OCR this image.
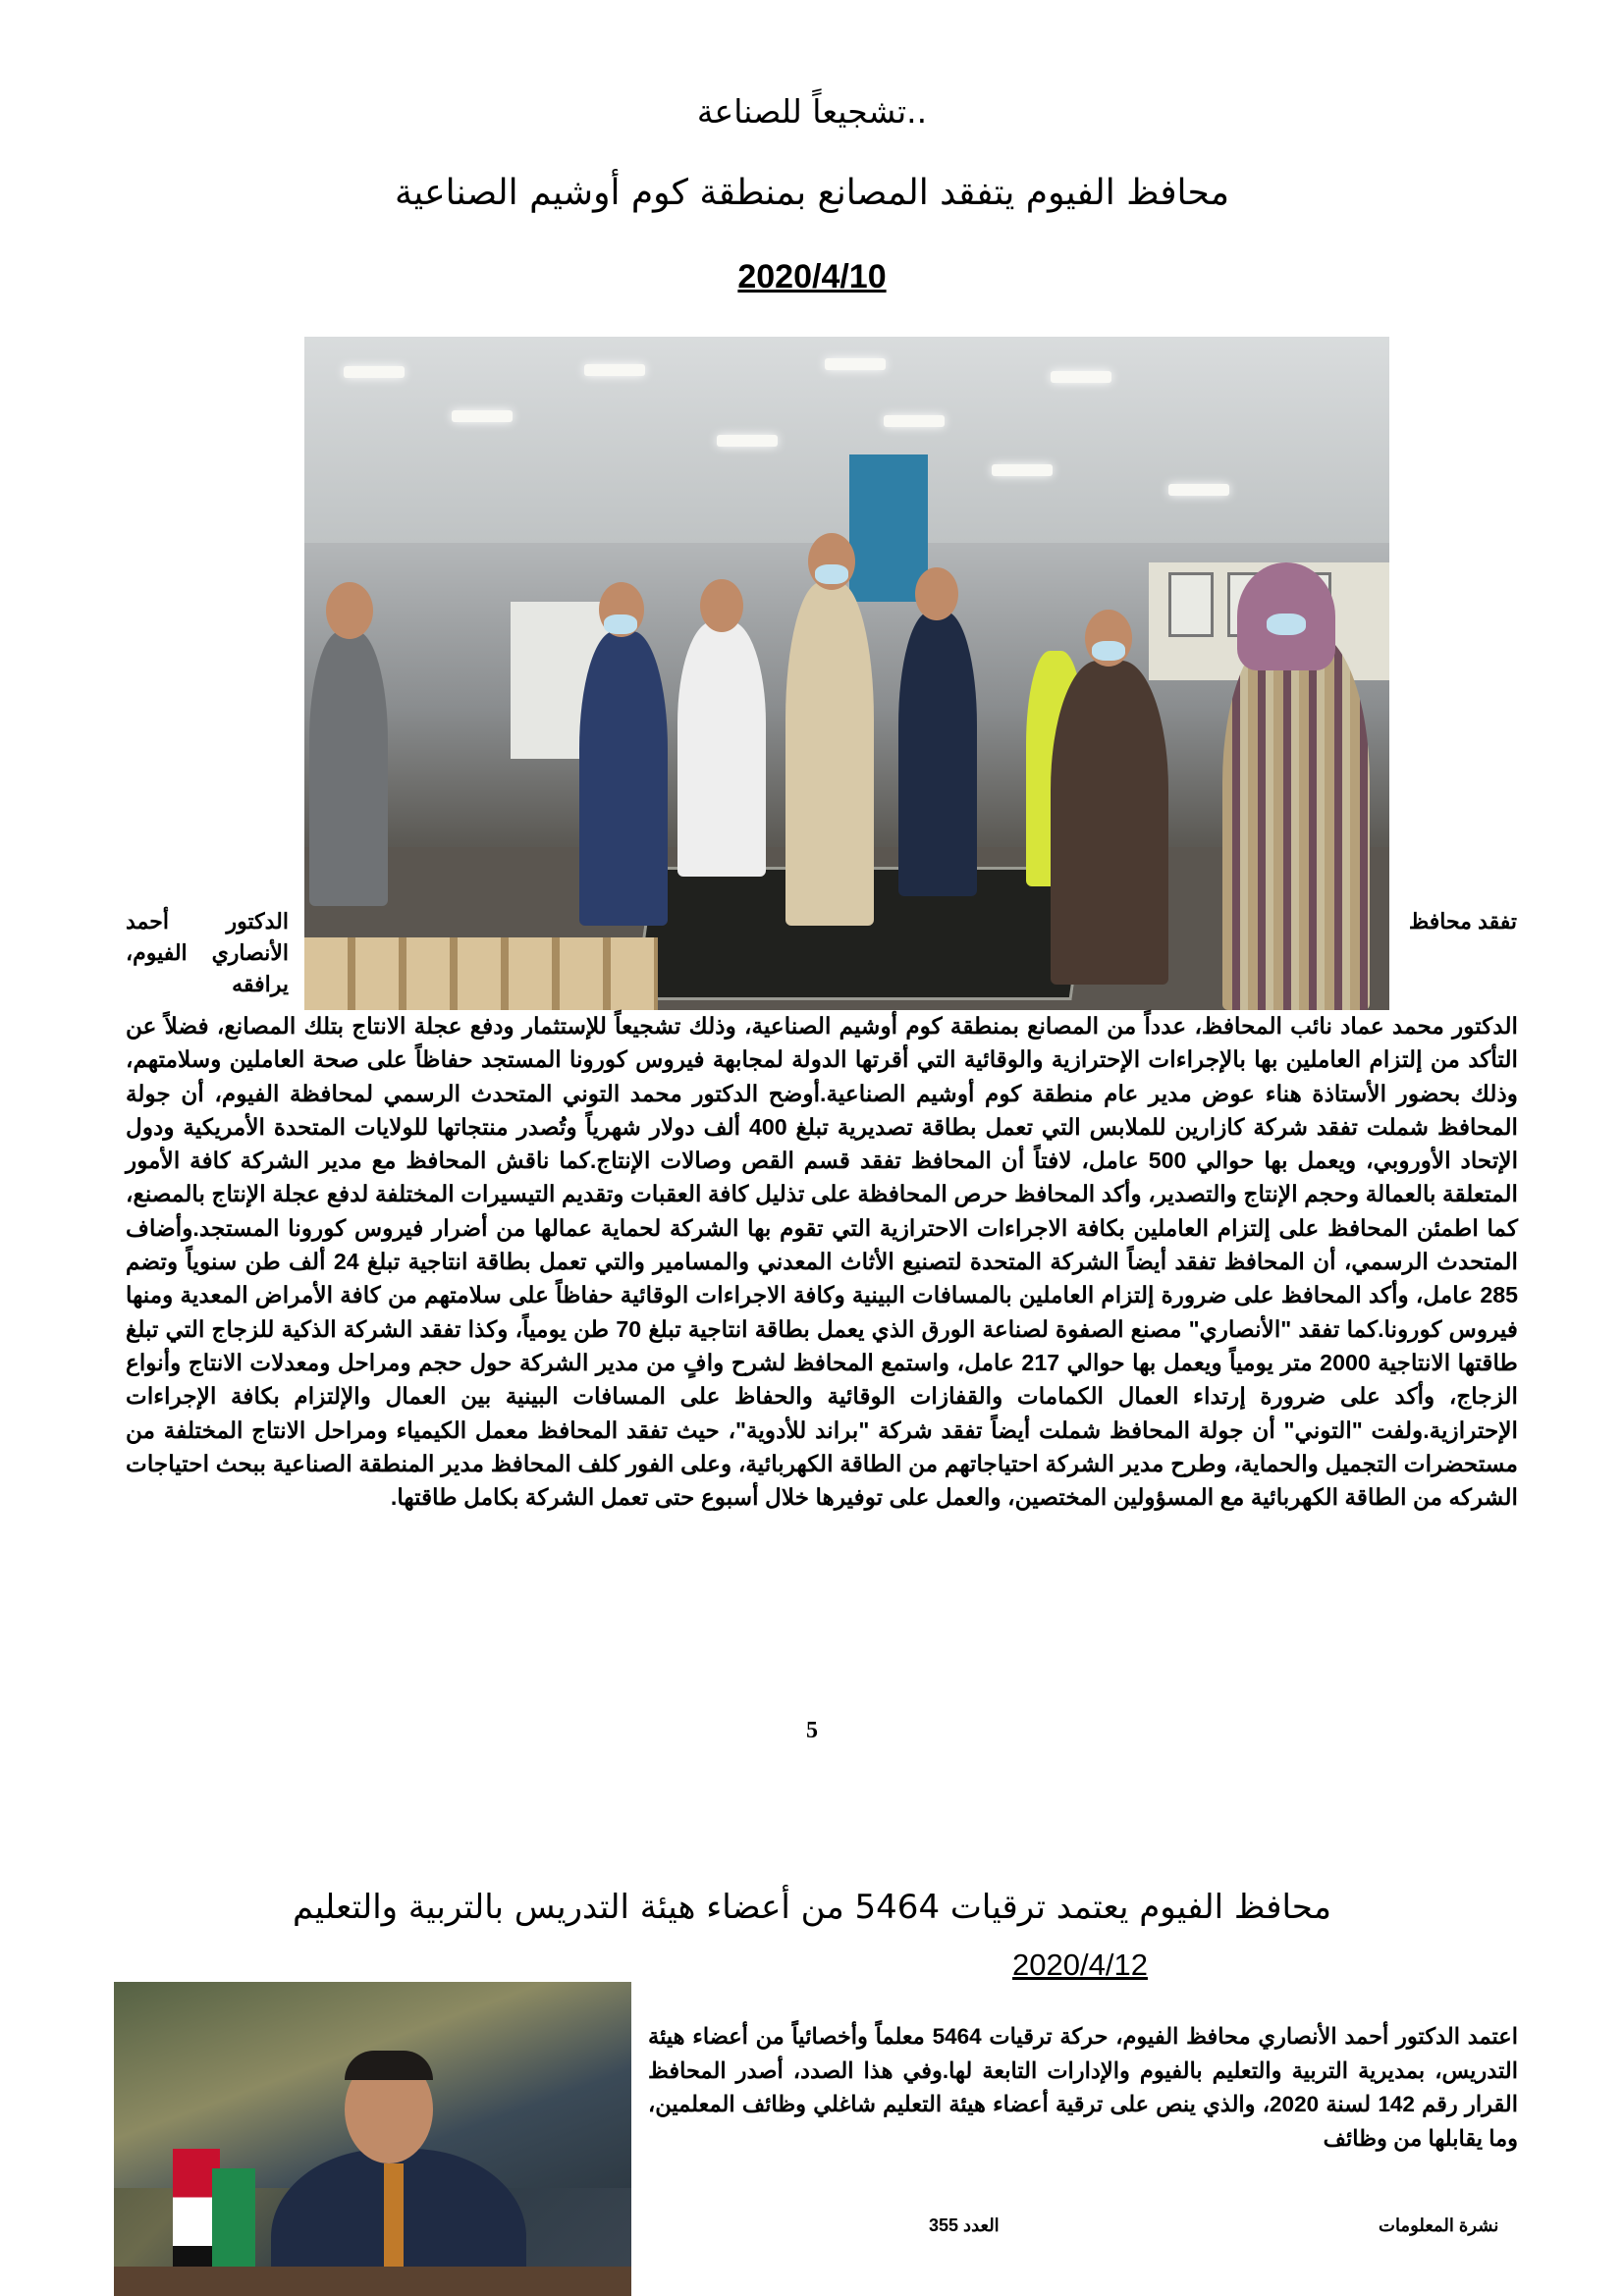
تشجيعاً للصناعة..
محافظ الفيوم يتفقد المصانع بمنطقة كوم أوشيم الصناعية
2020/4/10
تفقد محافظ
الدكتور أحمد الأنصاري الفيوم، يرافقه
الدكتور محمد عماد نائب المحافظ، عدداً من المصانع بمنطقة كوم أوشيم الصناعية، وذلك تشجيعاً للإستثمار ودفع عجلة الانتاج بتلك المصانع، فضلاً عن التأكد من إلتزام العاملين بها بالإجراءات الإحترازية والوقائية التي أقرتها الدولة لمجابهة فيروس كورونا المستجد حفاظاً على صحة العاملين وسلامتهم، وذلك بحضور الأستاذة هناء عوض مدير عام منطقة كوم أوشيم الصناعية.أوضح الدكتور محمد التوني المتحدث الرسمي لمحافظة الفيوم، أن جولة المحافظ شملت تفقد شركة كازارين للملابس التي تعمل بطاقة تصديرية تبلغ 400 ألف دولار شهرياً وتُصدر منتجاتها للولايات المتحدة الأمريكية ودول الإتحاد الأوروبي، ويعمل بها حوالي 500 عامل، لافتاً أن المحافظ تفقد قسم القص وصالات الإنتاج.كما ناقش المحافظ مع مدير الشركة كافة الأمور المتعلقة بالعمالة وحجم الإنتاج والتصدير، وأكد المحافظ حرص المحافظة على تذليل كافة العقبات وتقديم التيسيرات المختلفة لدفع عجلة الإنتاج بالمصنع، كما اطمئن المحافظ على إلتزام العاملين بكافة الاجراءات الاحترازية التي تقوم بها الشركة لحماية عمالها من أضرار فيروس كورونا المستجد.وأضاف المتحدث الرسمي، أن المحافظ تفقد أيضاً الشركة المتحدة لتصنيع الأثاث المعدني والمسامير والتي تعمل بطاقة انتاجية تبلغ 24 ألف طن سنوياً وتضم 285 عامل، وأكد المحافظ على ضرورة إلتزام العاملين بالمسافات البينية وكافة الاجراءات الوقائية حفاظاً على سلامتهم من كافة الأمراض المعدية ومنها فيروس كورونا.كما تفقد "الأنصاري" مصنع الصفوة لصناعة الورق الذي يعمل بطاقة انتاجية تبلغ 70 طن يومياً، وكذا تفقد الشركة الذكية للزجاج التي تبلغ طاقتها الانتاجية 2000 متر يومياً ويعمل بها حوالي 217 عامل، واستمع المحافظ لشرح وافٍ من مدير الشركة حول حجم ومراحل ومعدلات الانتاج وأنواع الزجاج، وأكد على ضرورة إرتداء العمال الكمامات والقفازات الوقائية والحفاظ على المسافات البينية بين العمال والإلتزام بكافة الإجراءات الإحترازية.ولفت "التوني" أن جولة المحافظ شملت أيضاً تفقد شركة "براند للأدوية"، حيث تفقد المحافظ معمل الكيمياء ومراحل الانتاج المختلفة من مستحضرات التجميل والحماية، وطرح مدير الشركة احتياجاتهم من الطاقة الكهربائية، وعلى الفور كلف المحافظ مدير المنطقة الصناعية ببحث احتياجات الشركه من الطاقة الكهربائية مع المسؤولين المختصين، والعمل على توفيرها خلال أسبوع حتى تعمل الشركة بكامل طاقتها.
5
محافظ الفيوم يعتمد ترقيات 5464 من أعضاء هيئة التدريس بالتربية والتعليم
2020/4/12
اعتمد الدكتور أحمد الأنصاري محافظ الفيوم، حركة ترقيات 5464 معلماً وأخصائياً من أعضاء هيئة التدريس، بمديرية التربية والتعليم بالفيوم والإدارات التابعة لها.وفي هذا الصدد، أصدر المحافظ القرار رقم 142 لسنة 2020، والذي ينص على ترقية أعضاء هيئة التعليم شاغلي وظائف المعلمين، وما يقابلها من وظائف
نشرة المعلومات
العدد 355
